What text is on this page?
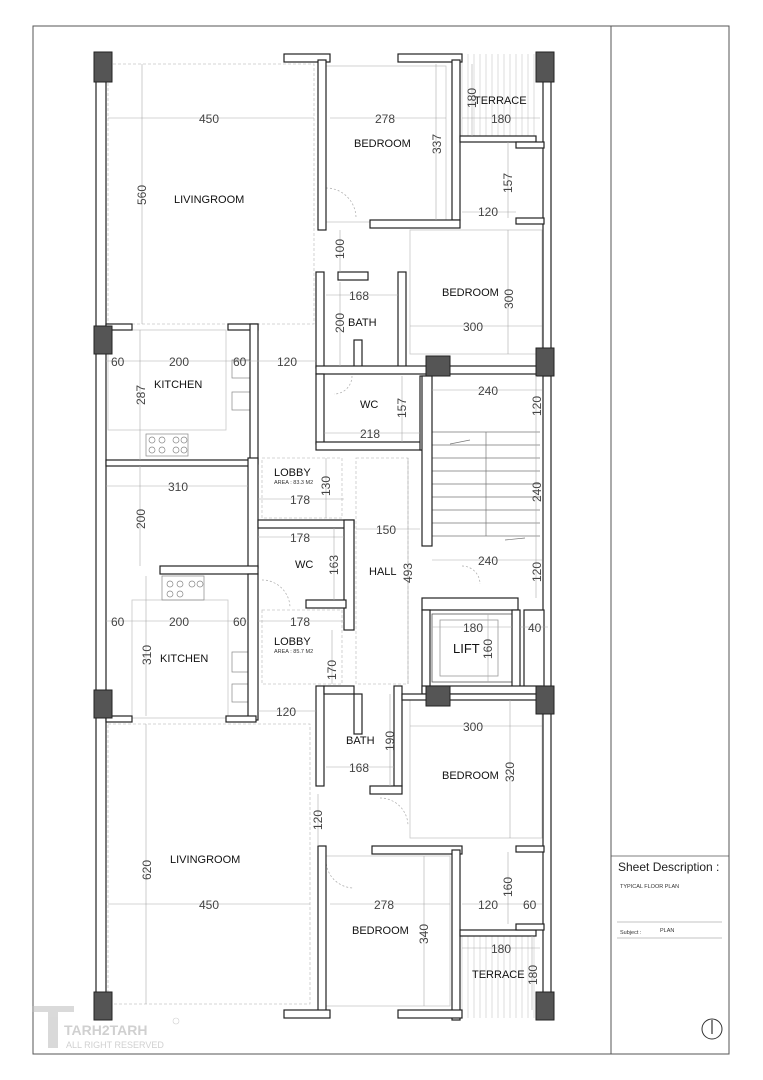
TERRACE
BEDROOM
LIVINGROOM
BEDROOM
BATH
KITCHEN
WC
LOBBY
AREA : 83.3 M2
WC
HALL
KITCHEN
LOBBY
AREA : 85.7 M2	LIFT
BATH
BEDROOM
LIVINGROOM
BEDROOM
TERRACE
450
560
278
337
180
180
157
120
300
300
168
200
100
60	200	60	120
287	240
120
240
240
120
157
218
178
130
310
200
150
178
163	493
60	200	60
310
178
170
180
160
40
120
190
168
300
320
120
620
450	278
340
120
160
60
180
180
Sheet Description :
TYPICAL FLOOR PLAN
Subject :	PLAN
TARH2TARH
ALL RIGHT RESERVED
